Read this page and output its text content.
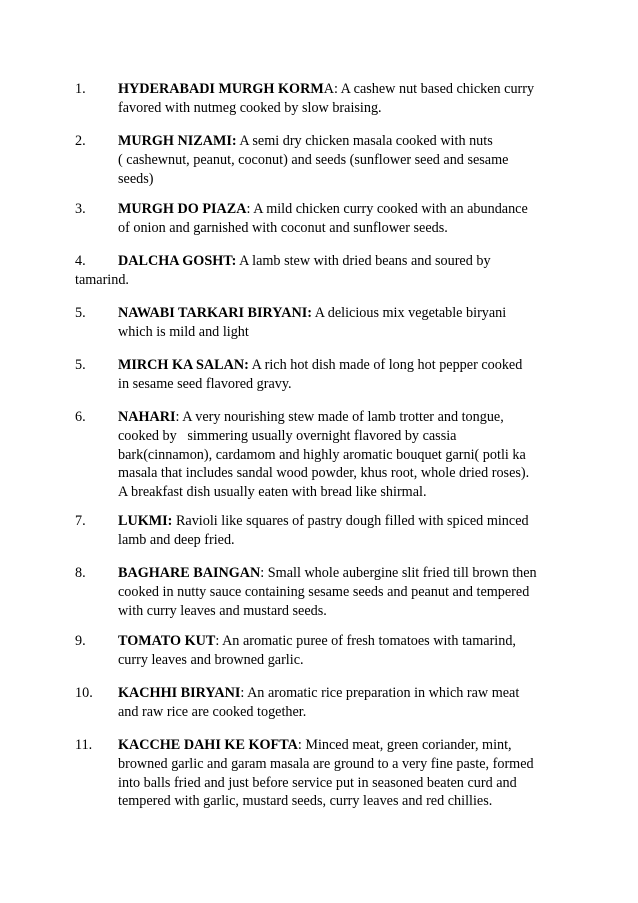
1. HYDERABADI MURGH KORMA: A cashew nut based chicken curry
favored with nutmeg cooked by slow braising.
2. MURGH NIZAMI: A semi dry chicken masala cooked with nuts
( cashewnut, peanut, coconut) and seeds (sunflower seed and sesame
seeds)
3. MURGH DO PIAZA: A mild chicken curry cooked with an abundance
of onion and garnished with coconut and sunflower seeds.
4. DALCHA GOSHT: A lamb stew with dried beans and soured by
tamarind.
5. NAWABI TARKARI BIRYANI: A delicious mix vegetable biryani
which is mild and light
5. MIRCH KA SALAN: A rich hot dish made of long hot pepper cooked
in sesame seed flavored gravy.
6. NAHARI: A very nourishing stew made of lamb trotter and tongue,
cooked by   simmering usually overnight flavored by cassia
bark(cinnamon), cardamom and highly aromatic bouquet garni( potli ka
masala that includes sandal wood powder, khus root, whole dried roses).
A breakfast dish usually eaten with bread like shirmal.
7. LUKMI: Ravioli like squares of pastry dough filled with spiced minced
lamb and deep fried.
8. BAGHARE BAINGAN: Small whole aubergine slit fried till brown then
cooked in nutty sauce containing sesame seeds and peanut and tempered
with curry leaves and mustard seeds.
9. TOMATO KUT: An aromatic puree of fresh tomatoes with tamarind,
curry leaves and browned garlic.
10. KACHHI BIRYANI: An aromatic rice preparation in which raw meat
and raw rice are cooked together.
11. KACCHE DAHI KE KOFTA: Minced meat, green coriander, mint,
browned garlic and garam masala are ground to a very fine paste, formed
into balls fried and just before service put in seasoned beaten curd and
tempered with garlic, mustard seeds, curry leaves and red chillies.
